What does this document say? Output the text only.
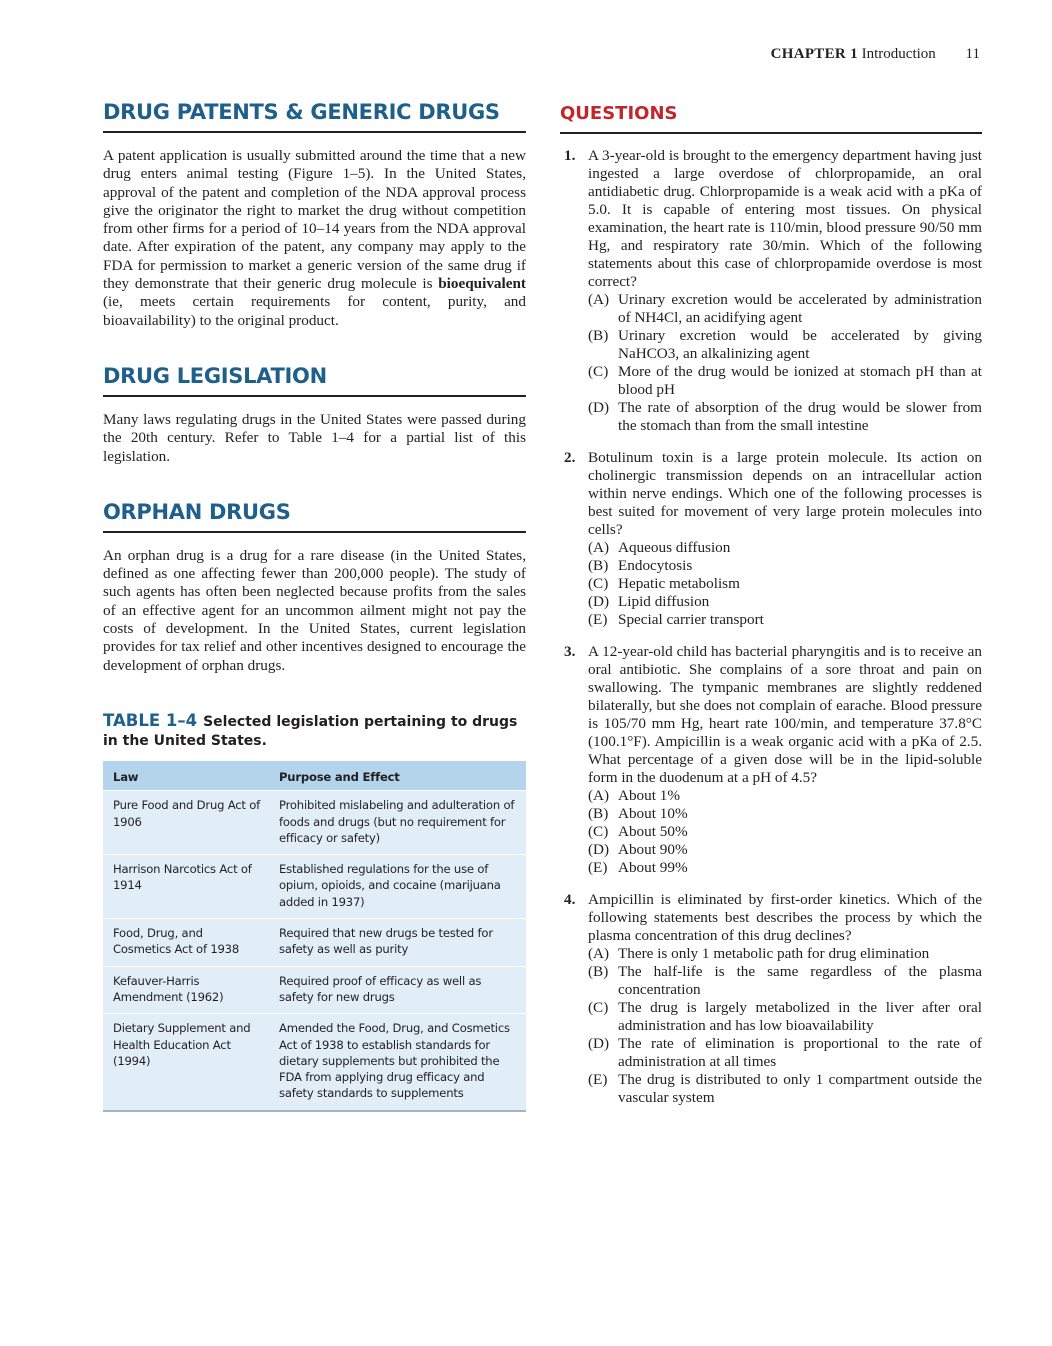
CHAPTER 1 Introduction 11
DRUG PATENTS & GENERIC DRUGS

A patent application is usually submitted around the time that a new drug enters animal testing (Figure 1–5). In the United States, approval of the patent and completion of the NDA approval process give the originator the right to market the drug without competition from other firms for a period of 10–14 years from the NDA approval date. After expiration of the patent, any company may apply to the FDA for permission to market a generic version of the same drug if they demonstrate that their generic drug molecule is bioequivalent (ie, meets certain requirements for content, purity, and bioavailability) to the original product.

DRUG LEGISLATION

Many laws regulating drugs in the United States were passed during the 20th century. Refer to Table 1–4 for a partial list of this legislation.

ORPHAN DRUGS

An orphan drug is a drug for a rare disease (in the United States, defined as one affecting fewer than 200,000 people). The study of such agents has often been neglected because profits from the sales of an effective agent for an uncommon ailment might not pay the costs of development. In the United States, current legislation provides for tax relief and other incentives designed to encourage the development of orphan drugs.

TABLE 1–4 Selected legislation pertaining to drugs in the United States.
Law	Purpose and Effect
Pure Food and Drug Act of 1906	Prohibited mislabeling and adulteration of foods and drugs (but no requirement for efficacy or safety)
Harrison Narcotics Act of 1914	Established regulations for the use of opium, opioids, and cocaine (marijuana added in 1937)
Food, Drug, and Cosmetics Act of 1938	Required that new drugs be tested for safety as well as purity
Kefauver-Harris Amendment (1962)	Required proof of efficacy as well as safety for new drugs
Dietary Supplement and Health Education Act (1994)	Amended the Food, Drug, and Cosmetics Act of 1938 to establish standards for dietary supplements but prohibited the FDA from applying drug efficacy and safety standards to supplements
QUESTIONS
1. A 3-year-old is brought to the emergency department having just ingested a large overdose of chlorpropamide, an oral antidiabetic drug. Chlorpropamide is a weak acid with a pKa of 5.0. It is capable of entering most tissues. On physical examination, the heart rate is 110/min, blood pressure 90/50 mm Hg, and respiratory rate 30/min. Which of the following statements about this case of chlorpropamide overdose is most correct?
(A) Urinary excretion would be accelerated by administration of NH4Cl, an acidifying agent
(B) Urinary excretion would be accelerated by giving NaHCO3, an alkalinizing agent
(C) More of the drug would be ionized at stomach pH than at blood pH
(D) The rate of absorption of the drug would be slower from the stomach than from the small intestine
2. Botulinum toxin is a large protein molecule. Its action on cholinergic transmission depends on an intracellular action within nerve endings. Which one of the following processes is best suited for movement of very large protein molecules into cells?
(A) Aqueous diffusion
(B) Endocytosis
(C) Hepatic metabolism
(D) Lipid diffusion
(E) Special carrier transport
3. A 12-year-old child has bacterial pharyngitis and is to receive an oral antibiotic. She complains of a sore throat and pain on swallowing. The tympanic membranes are slightly reddened bilaterally, but she does not complain of earache. Blood pressure is 105/70 mm Hg, heart rate 100/min, and temperature 37.8°C (100.1°F). Ampicillin is a weak organic acid with a pKa of 2.5. What percentage of a given dose will be in the lipid-soluble form in the duodenum at a pH of 4.5?
(A) About 1%
(B) About 10%
(C) About 50%
(D) About 90%
(E) About 99%
4. Ampicillin is eliminated by first-order kinetics. Which of the following statements best describes the process by which the plasma concentration of this drug declines?
(A) There is only 1 metabolic path for drug elimination
(B) The half-life is the same regardless of the plasma concentration
(C) The drug is largely metabolized in the liver after oral administration and has low bioavailability
(D) The rate of elimination is proportional to the rate of administration at all times
(E) The drug is distributed to only 1 compartment outside the vascular system
